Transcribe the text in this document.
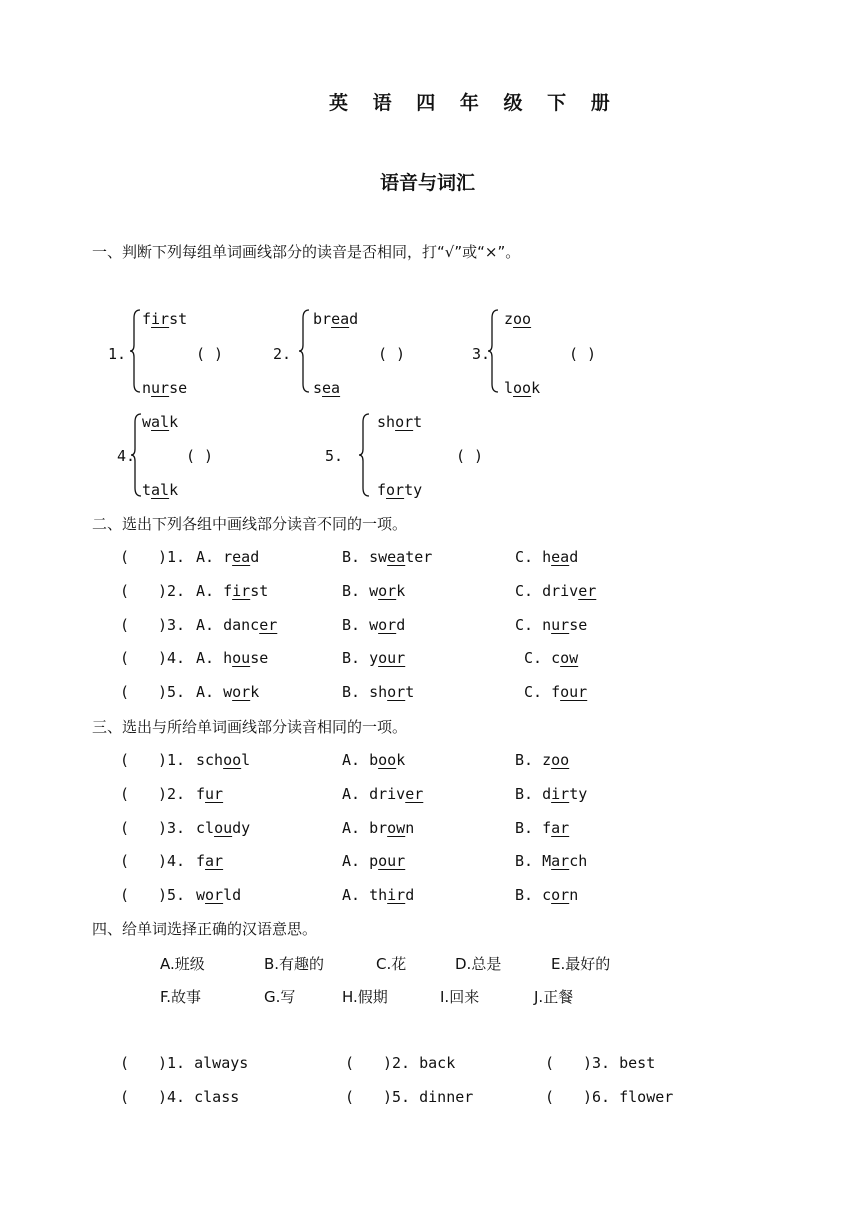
英 语 四 年 级 下 册
语音与词汇
一、判断下列每组单词画线部分的读音是否相同，打“√”或“×”。
1.
first
nurse
( )	2.
bread
sea
( )	3.
zoo
look
( )
4.
walk
talk
( )	5.
short
forty
( )
二、选出下列各组中画线部分读音不同的一项。
( )1. A. read	B. sweater	C. head
( )2. A. first	B. work	C. driver
( )3. A. dancer	B. word	C. nurse
( )4. A. house	B. your	C. cow
( )5. A. work	B. short	C. four
三、选出与所给单词画线部分读音相同的一项。
( )1. school	A. book	B. zoo
( )2. fur	A. driver	B. dirty
( )3. cloudy	A. brown	B. far
( )4. far	A. pour	B. March
( )5. world	A. third	B. corn
四、给单词选择正确的汉语意思。
A.班级	B.有趣的	C.花	D.总是	E.最好的
F.故事	G.写	H.假期	I.回来	J.正餐
( )1. always	( )2. back	( )3. best
( )4. class	( )5. dinner	( )6. flower
